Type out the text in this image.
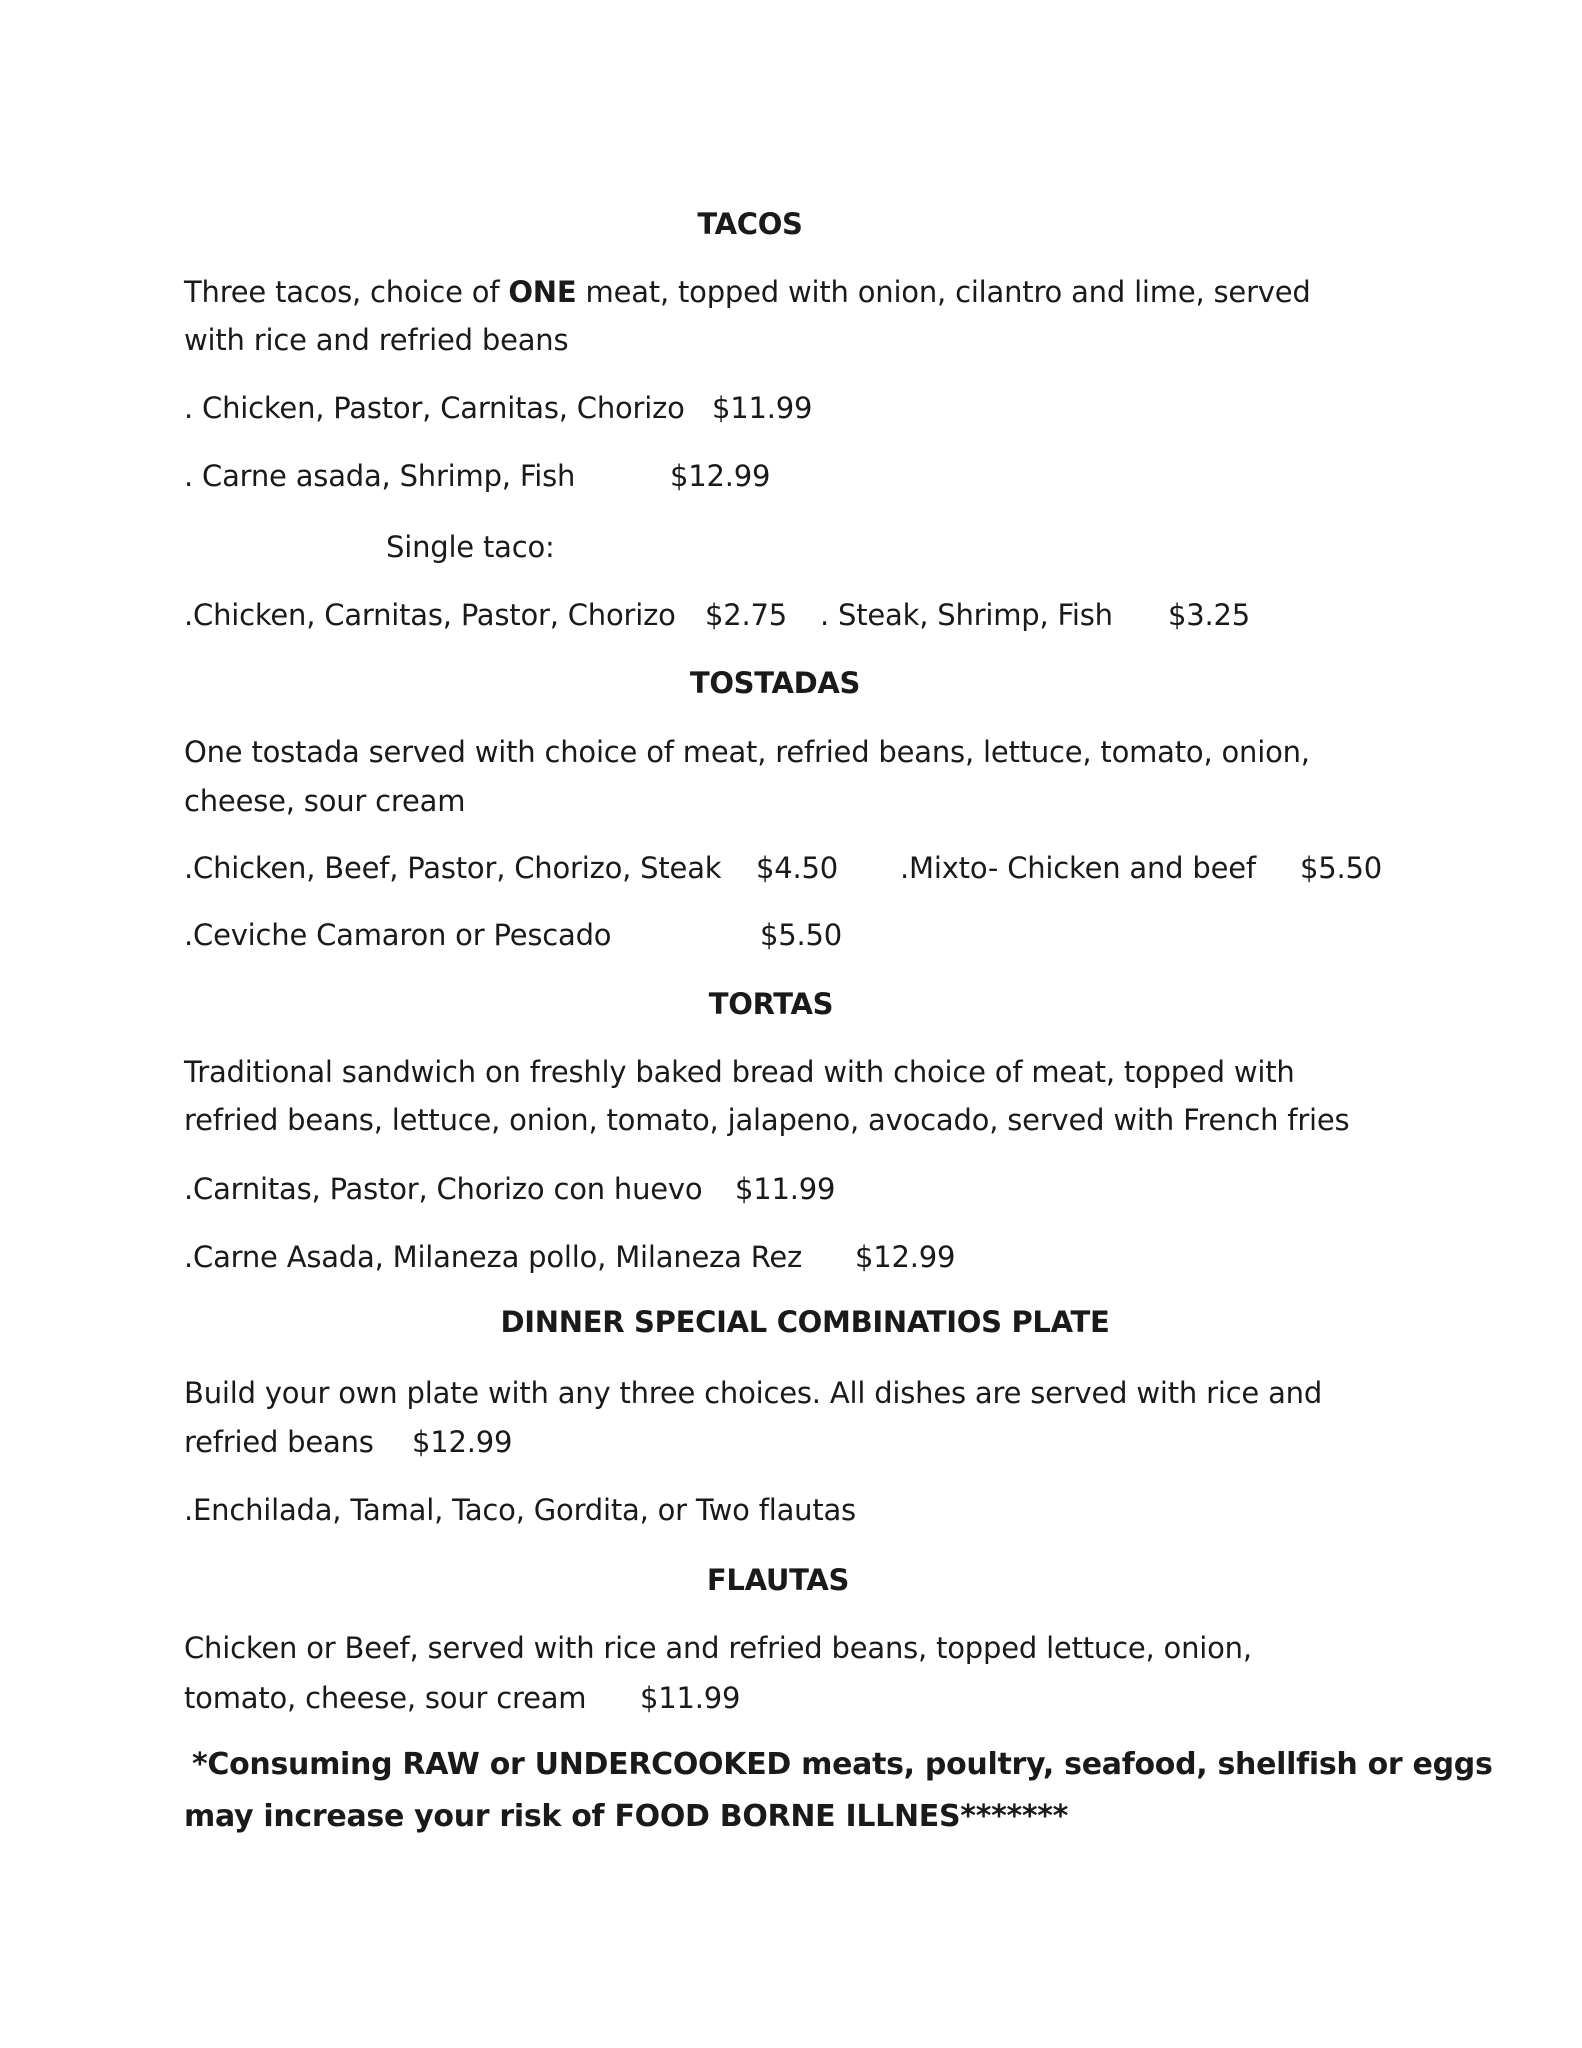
TACOS
Three tacos, choice of ONE meat, topped with onion, cilantro and lime, served
with rice and refried beans
. Chicken, Pastor, Carnitas, Chorizo $11.99
. Carne asada, Shrimp, Fish	$12.99
Single taco:
.Chicken, Carnitas, Pastor, Chorizo $2.75 . Steak, Shrimp, Fish $3.25
TOSTADAS
One tostada served with choice of meat, refried beans, lettuce, tomato, onion,
cheese, sour cream
.Chicken, Beef, Pastor, Chorizo, Steak $4.50 .Mixto- Chicken and beef $5.50
.Ceviche Camaron or Pescado	$5.50
TORTAS
Traditional sandwich on freshly baked bread with choice of meat, topped with
refried beans, lettuce, onion, tomato, jalapeno, avocado, served with French fries
.Carnitas, Pastor, Chorizo con huevo $11.99
.Carne Asada, Milaneza pollo, Milaneza Rez $12.99
DINNER SPECIAL COMBINATIOS PLATE
Build your own plate with any three choices. All dishes are served with rice and
refried beans $12.99
.Enchilada, Tamal, Taco, Gordita, or Two flautas
FLAUTAS
Chicken or Beef, served with rice and refried beans, topped lettuce, onion,
tomato, cheese, sour cream $11.99
*Consuming RAW or UNDERCOOKED meats, poultry, seafood, shellfish or eggs
may increase your risk of FOOD BORNE ILLNES*******
